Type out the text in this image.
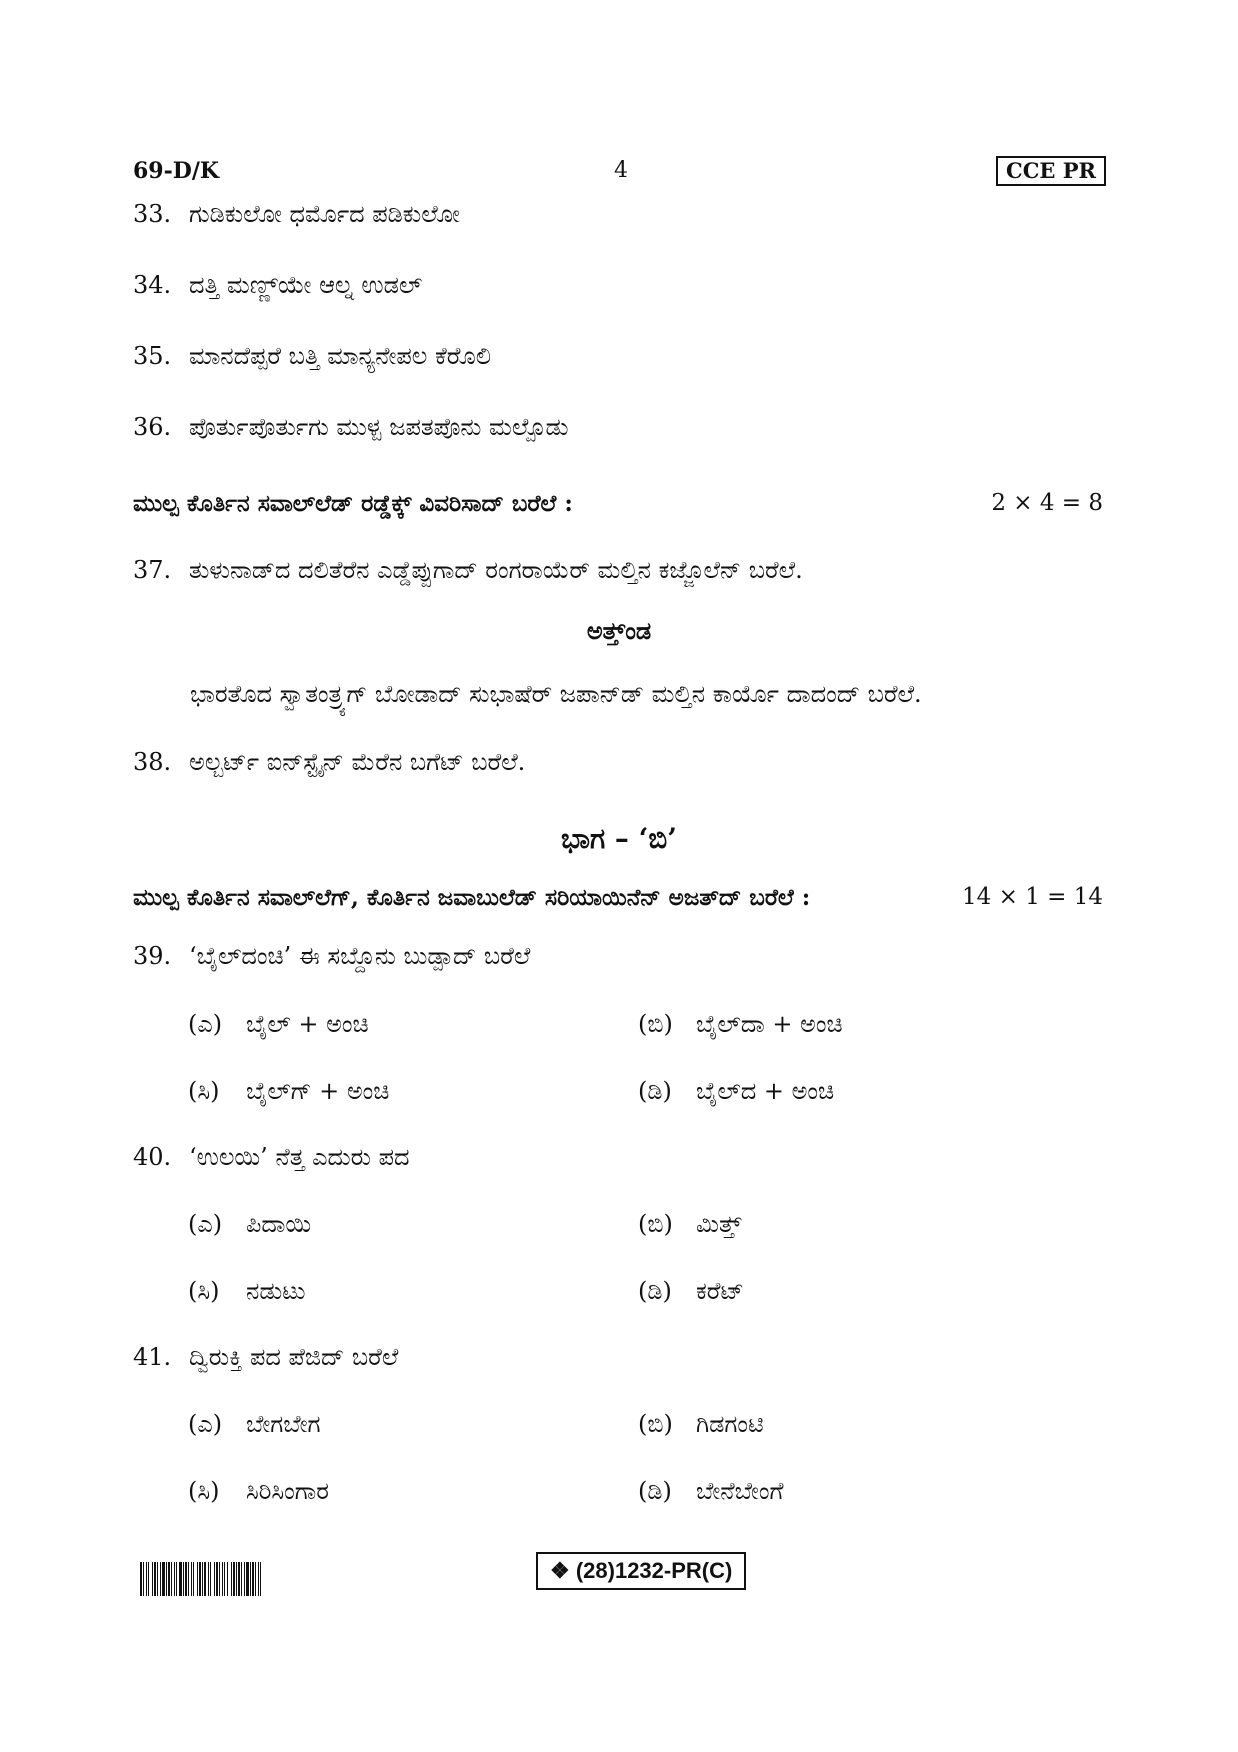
69-D/K	4	CCE PR
33. ಗುಡಿಕುಲೋ ಧರ್ಮೊದ ಪಡಿಕುಲೋ
34. ದತ್ತಿ ಮಣ್ಣ್‌ಯೇ ಆಲ್ನ ಉಡಲ್
35. ಮಾನದೆಪ್ಪರೆ ಬತ್ತಿ ಮಾನ್ಯನೇಪಲ ಕೆರೊಲಿ
36. ಪೊರ್ತುಪೊರ್ತುಗು ಮುಳ್ಪ ಜಪತಪೊನು ಮಲ್ಪೊಡು
ಮುಲ್ಪ ಕೊರ್ತಿನ ಸವಾಲ್‌ಲೆಡ್ ರಡ್ಡೆಕ್ಕ್ ವಿವರಿಸಾದ್ ಬರೆಲೆ :	2 × 4 = 8
37. ತುಳುನಾಡ್‌ದ ದಲಿತೆರೆನ ಎಡ್ಡೆಪ್ಪುಗಾದ್ ರಂಗರಾಯೆರ್ ಮಲ್ತಿನ ಕಜ್ಜೊಲೆನ್ ಬರೆಲೆ.
ಅತ್ತ್‌ಂಡ
ಭಾರತೊದ ಸ್ವಾತಂತ್ರ್ಯಗ್ ಬೋಡಾದ್ ಸುಭಾಷೆರ್ ಜಪಾನ್‌ಡ್ ಮಲ್ತಿನ ಕಾರ್ಯೊ ದಾದಂದ್ ಬರೆಲೆ.
38. ಅಲ್ಬರ್ಟ್ ಐನ್‌ಸ್ಟೈನ್ ಮೆರೆನ ಬಗೆಟ್ ಬರೆಲೆ.
ಭಾಗ – ‘ಬಿ’
ಮುಲ್ಪ ಕೊರ್ತಿನ ಸವಾಲ್‌ಲೆಗ್, ಕೊರ್ತಿನ ಜವಾಬುಲೆಡ್ ಸರಿಯಾಯಿನೆನ್ ಅಜತ್‌ದ್ ಬರೆಲೆ :	14 × 1 = 14
39. ‘ಬೈಲ್‌ದಂಚಿ’ ಈ ಸಬ್ದೊನು ಬುಡ್ಪಾದ್ ಬರೆಲೆ
(ಎ) ಬೈಲ್ + ಅಂಚಿ	(ಬಿ) ಬೈಲ್‌ದಾ + ಅಂಚಿ
(ಸಿ) ಬೈಲ್‌ಗ್ + ಅಂಚಿ	(ಡಿ) ಬೈಲ್‌ದ + ಅಂಚಿ
40. ‘ಉಲಯಿ’ ನೆತ್ತ ಎದುರು ಪದ
(ಎ) ಪಿದಾಯಿ	(ಬಿ) ಮಿತ್ತ್
(ಸಿ) ನಡುಟು	(ಡಿ) ಕರೆಟ್
41. ದ್ವಿರುಕ್ತಿ ಪದ ಪೆಜಿದ್ ಬರೆಲೆ
(ಎ) ಬೇಗಬೇಗ	(ಬಿ) ಗಿಡಗಂಟಿ
(ಸಿ) ಸಿರಿಸಿಂಗಾರ	(ಡಿ) ಬೇನೆಬೇಂಗೆ
❖ (28)1232-PR(C)
